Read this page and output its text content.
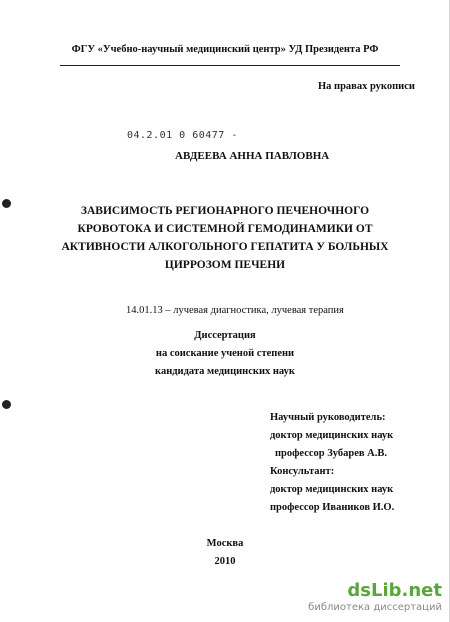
ФГУ «Учебно-научный медицинский центр» УД Президента РФ
На правах рукописи
04.2.01 0 60477 -
АВДЕЕВА АННА ПАВЛОВНА
ЗАВИСИМОСТЬ РЕГИОНАРНОГО ПЕЧЕНОЧНОГО
КРОВОТОКА И СИСТЕМНОЙ ГЕМОДИНАМИКИ ОТ
АКТИВНОСТИ АЛКОГОЛЬНОГО ГЕПАТИТА У БОЛЬНЫХ
ЦИРРОЗОМ ПЕЧЕНИ
14.01.13 – лучевая диагностика, лучевая терапия
Диссертация
на соискание ученой степени
кандидата медицинских наук
Научный руководитель:
доктор медицинских наук
профессор Зубарев А.В.
Консультант:
доктор медицинских наук
профессор Иваников И.О.
Москва
2010
dsLib.net
библиотека диссертаций
